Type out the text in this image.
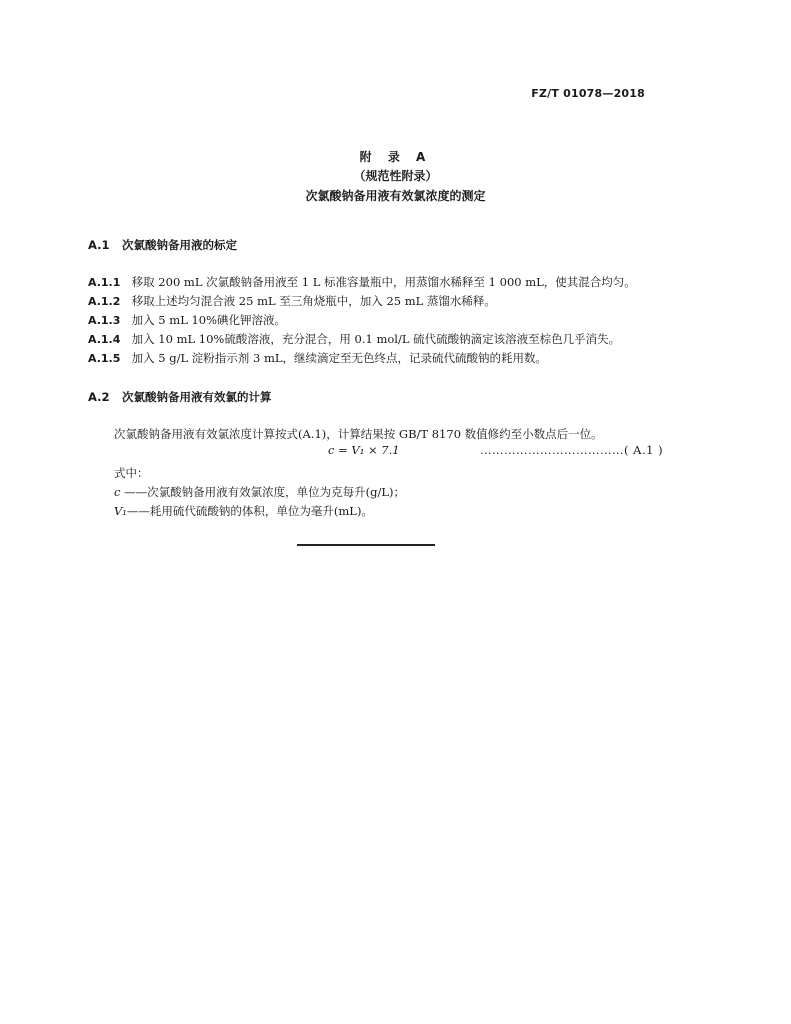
FZ/T 01078—2018
附 录 A
（规范性附录）
次氯酸钠备用液有效氯浓度的测定
A.1 次氯酸钠备用液的标定
A.1.1 移取 200 mL 次氯酸钠备用液至 1 L 标准容量瓶中，用蒸馏水稀释至 1 000 mL，使其混合均匀。
A.1.2 移取上述均匀混合液 25 mL 至三角烧瓶中，加入 25 mL 蒸馏水稀释。
A.1.3 加入 5 mL 10%碘化钾溶液。
A.1.4 加入 10 mL 10%硫酸溶液，充分混合，用 0.1 mol/L 硫代硫酸钠滴定该溶液至棕色几乎消失。
A.1.5 加入 5 g/L 淀粉指示剂 3 mL，继续滴定至无色终点，记录硫代硫酸钠的耗用数。
A.2 次氯酸钠备用液有效氯的计算
次氯酸钠备用液有效氯浓度计算按式(A.1)，计算结果按 GB/T 8170 数值修约至小数点后一位。
c = V₁ × 7.1	………………………………( A.1 )
式中：
c ——次氯酸钠备用液有效氯浓度，单位为克每升(g/L)；
V₁——耗用硫代硫酸钠的体积，单位为毫升(mL)。
